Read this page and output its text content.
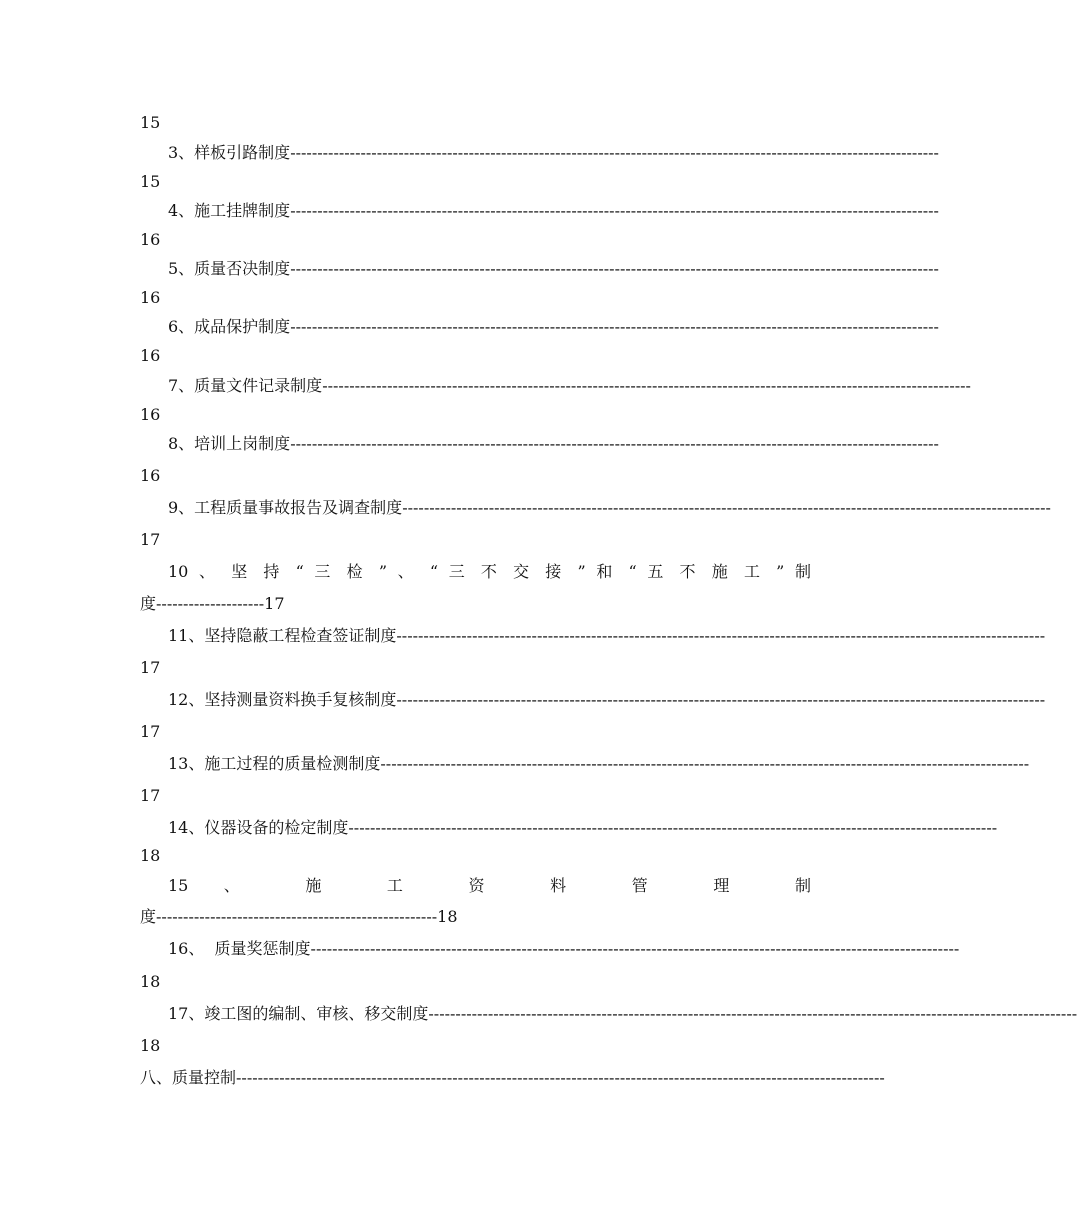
15
3、样板引路制度 ------------------------------------------------------------------------------------------------------------------------
15
4、施工挂牌制度 ------------------------------------------------------------------------------------------------------------------------
16
5、质量否决制度 ------------------------------------------------------------------------------------------------------------------------
16
6、成品保护制度 ------------------------------------------------------------------------------------------------------------------------
16
7、质量文件记录制度 ------------------------------------------------------------------------------------------------------------------------
16
8、培训上岗制度 ------------------------------------------------------------------------------------------------------------------------
16
9、工程质量事故报告及调查制度 ------------------------------------------------------------------------------------------------------------------------
17
10 、 坚 持 “ 三 检 ” 、 “ 三 不 交 接 ” 和 “ 五 不 施 工 ” 制
度 -------------------- 17
11、坚持隐蔽工程检查签证制度 ------------------------------------------------------------------------------------------------------------------------
17
12、坚持测量资料换手复核制度 ------------------------------------------------------------------------------------------------------------------------
17
13、施工过程的质量检测制度 ------------------------------------------------------------------------------------------------------------------------
17
14、仪器设备的检定制度 ------------------------------------------------------------------------------------------------------------------------
18
15 、 施 工 资 料 管 理 制
度 ---------------------------------------------------- 18
16、  质量奖惩制度 ------------------------------------------------------------------------------------------------------------------------
18
17、竣工图的编制、审核、移交制度 ------------------------------------------------------------------------------------------------------------------------
18
八、质量控制 ------------------------------------------------------------------------------------------------------------------------
